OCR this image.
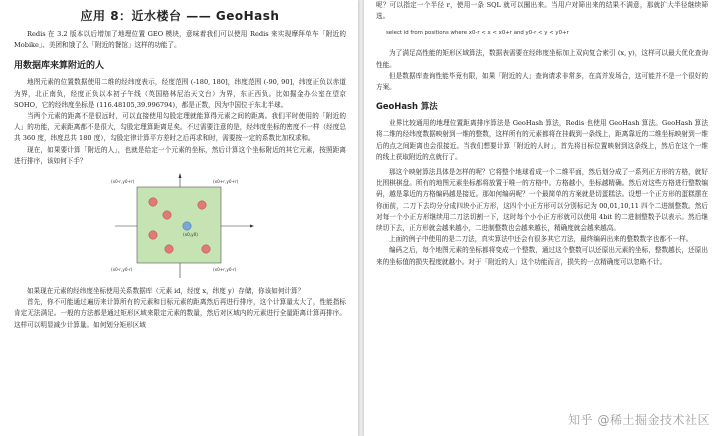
应用 8：近水楼台 —— GeoHash

Redis 在 3.2 版本以后增加了地理位置 GEO 模块，意味着我们可以使用 Redis 来实现摩拜单车「附近的 Mobike」、美团和饿了么「附近的餐馆」这样的功能了。

用数据库来算附近的人

地图元素的位置数据使用二维的经纬度表示，经度范围 (-180, 180]，纬度范围 (-90, 90]，纬度正负以赤道为界，北正南负，经度正负以本初子午线（英国格林尼治天文台）为界，东正西负。比如掘金办公室在望京 SOHO，它的经纬度坐标是 (116.48105,39.996794)，都是正数，因为中国位于东北半球。

当两个元素的距离不是很远时，可以直接使用勾股定理就能算得元素之间的距离。我们平时使用的「附近的人」的功能，元素距离都不是很大，勾股定理算距离足矣。不过需要注意的是，经纬度坐标的密度不一样（经度总共 360 度，纬度总共 180 度），勾股定律计算平方差时之后再求和时，需要按一定的系数比加权求和。

现在，如果要计算「附近的人」，也就是给定一个元素的坐标，然后计算这个坐标附近的其它元素，按照距离进行排序，该如何下手？

(x0-r,y0+r)	(x0+r,y0+r)
(x0-r,y0-r)	(x0+r,y0-r)
(x0,y0)

如果现在元素的经纬度坐标使用关系数据库（元素 id，经度 x，纬度 y）存储，你该如何计算？

首先，你不可能通过遍历来计算所有的元素和目标元素的距离然后再进行排序，这个计算量太大了，性能指标肯定无法满足。一般的方法都是通过矩形区域来限定元素的数量，然后对区域内的元素进行全量距离计算再排序。这样可以明显减少计算量。如何划分矩形区域

呢？可以指定一个半径 r，使用一条 SQL 就可以圈出来。当用户对筛出来的结果不满意，那就扩大半径继续筛选。

select id from positions where x0-r < x < x0+r and y0-r < y < y0+r

为了满足高性能的矩形区域算法，数据表需要在经纬度坐标加上双向复合索引 (x, y)，这样可以最大优化查询性能。

但是数据库查询性能毕竟有限，如果「附近的人」查询请求非常多，在高并发场合，这可能并不是一个很好的方案。

GeoHash 算法

业界比较通用的地理位置距离排序算法是 GeoHash 算法，Redis 也使用 GeoHash 算法。GeoHash 算法将二维的经纬度数据映射到一维的整数，这样所有的元素都将在挂载到一条线上，距离靠近的二维坐标映射到一维后的点之间距离也会很接近。当我们想要计算「附近的人时」，首先将目标位置映射到这条线上，然后在这个一维的线上获取附近的点就行了。

那这个映射算法具体是怎样的呢？它将整个地球看成一个二维平面，然后划分成了一系列正方形的方格，就好比围棋棋盘。所有的地图元素坐标都将放置于唯一的方格中。方格越小，坐标越精确。然后对这些方格进行整数编码，越是靠近的方格编码越是接近。那如何编码呢？一个最简单的方案就是切蛋糕法。设想一个正方形的蛋糕摆在你面前，二刀下去均分分成四块小正方形，这四个小正方形可以分别标记为 00,01,10,11 四个二进制整数。然后对每一个小正方形继续用二刀法切割一下，这时每个小小正方形就可以使用 4bit 的二进制整数予以表示。然后继续切下去，正方形就会越来越小，二进制整数也会越来越长，精确度就会越来越高。

上面的例子中使用的是二刀法，真实算法中还会有很多其它刀法，最终编码出来的整数数字也都不一样。

编码之后，每个地图元素的坐标都将变成一个整数，通过这个整数可以还原出元素的坐标，整数越长，还原出来的坐标值的损失程度就越小。对于「附近的人」这个功能而言，损失的一点精确度可以忽略不计。

知乎 @稀土掘金技术社区
